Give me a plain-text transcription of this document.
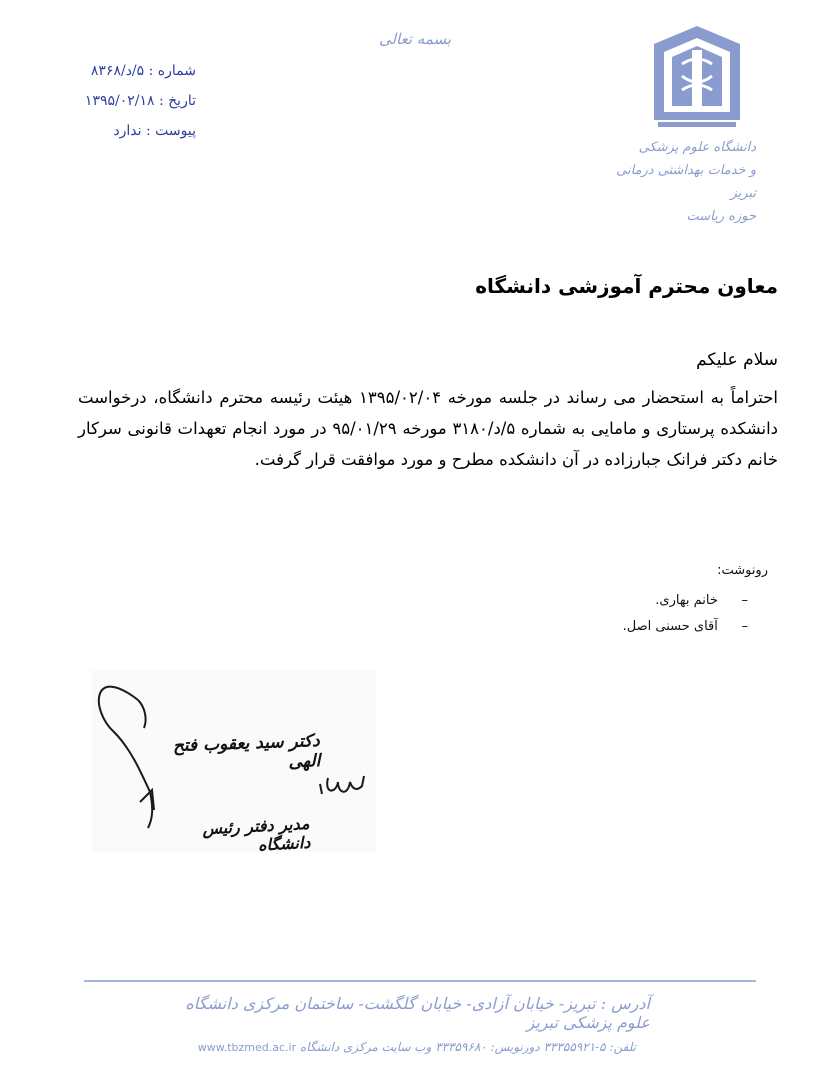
بسمه تعالی
شماره : ۵/د/۸۳۶۸
تاریخ : ۱۳۹۵/۰۲/۱۸
پیوست : ندارد
دانشگاه علوم پزشکی
و خدمات بهداشتی درمانی تبریز
حوزه ریاست
معاون محترم آموزشی دانشگاه
سلام علیکم
احتراماً به استحضار می رساند در جلسه مورخه ۱۳۹۵/۰۲/۰۴ هیئت رئیسه محترم دانشگاه، درخواست دانشکده پرستاری و مامایی به شماره ۵/د/۳۱۸۰ مورخه ۹۵/۰۱/۲۹ در مورد انجام تعهدات قانونی سرکار خانم دکتر فرانک جبارزاده در آن دانشکده مطرح و مورد موافقت قرار گرفت.
رونوشت:
– خانم بهاری.
– آقای حسنی اصل.
دکتر سید یعقوب فتح الهی
مدیر دفتر رئیس دانشگاه
آدرس : تبریز- خیابان آزادی- خیابان گلگشت- ساختمان مرکزی دانشگاه علوم پزشکی تبریز
تلفن: ۵-۳۳۳۵۵۹۲۱ دورنویس: ۳۳۳۵۹۶۸۰ وب سایت مرکزی دانشگاه www.tbzmed.ac.ir
